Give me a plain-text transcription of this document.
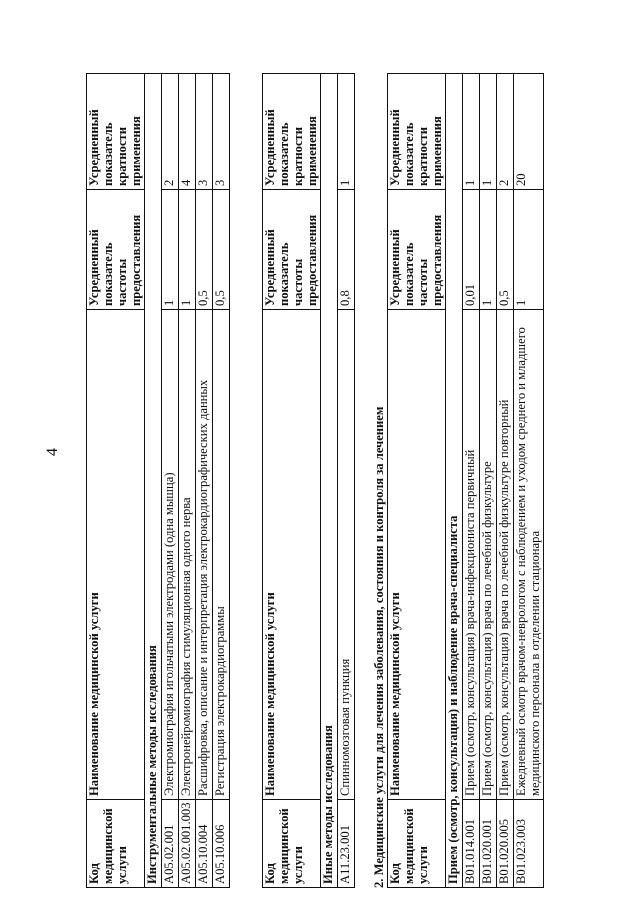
4
Инструментальные методы исследования			
Код медицинской услуги	Наименование медицинской услуги	Усредненный показатель частоты предоставления	Усредненный показатель кратности применения
A05.02.001	Электромиография игольчатыми электродами (одна мышца)	1	2
A05.02.001.003	Электронейромиография стимуляционная одного нерва	1	4
A05.10.004	Расшифровка, описание и интерпретация электрокардиографических данных	0,5	3
A05.10.006	Регистрация электрокардиограммы	0,5	3
Иные методы исследования			
Код медицинской услуги	Наименование медицинской услуги	Усредненный показатель частоты предоставления	Усредненный показатель кратности применения
A11.23.001	Спинномозговая пункция	0,8	1
2. Медицинские услуги для лечения заболевания, состояния и контроля за лечением	Прием (осмотр, консультация) и наблюдение врача-специалиста			
Код медицинской услуги	Наименование медицинской услуги	Усредненный показатель частоты предоставления	Усредненный показатель кратности применения
B01.014.001	Прием (осмотр, консультация) врача-инфекциониста первичный	0,01	1
B01.020.001	Прием (осмотр, консультация) врача по лечебной физкультуре	1	1
B01.020.005	Прием (осмотр, консультация) врача по лечебной физкультуре повторный	0,5	2
B01.023.003	Ежедневный осмотр врачом-неврологом с наблюдением и уходом среднего и младшего медицинского персонала в отделении стационара	1	20
